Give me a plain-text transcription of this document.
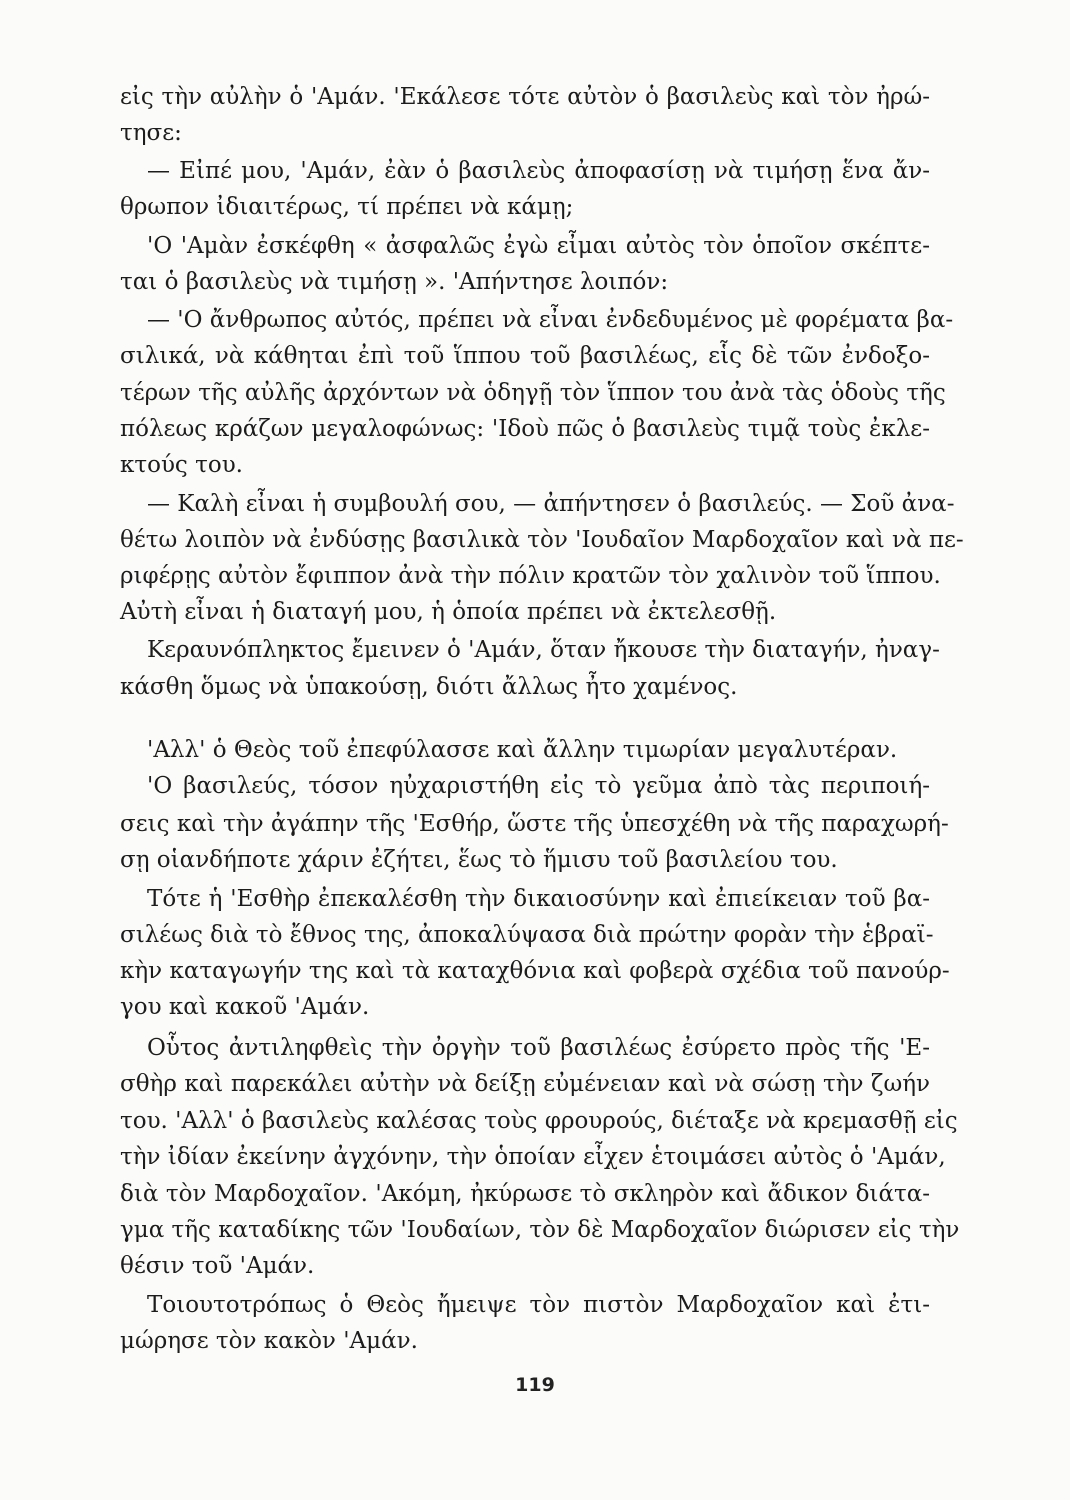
εἰς τὴν αὐλὴν ὁ 'Αμάν. 'Εκάλεσε τότε αὐτὸν ὁ βασιλεὺς καὶ τὸν ἠρώ-
τησε:
— Εἰπέ μου, 'Αμάν, ἐὰν ὁ βασιλεὺς ἀποφασίσῃ νὰ τιμήσῃ ἕνα ἄν-
θρωπον ἰδιαιτέρως, τί πρέπει νὰ κάμῃ;
'Ο 'Αμὰν ἐσκέφθη « ἀσφαλῶς ἐγὼ εἶμαι αὐτὸς τὸν ὁποῖον σκέπτε-
ται ὁ βασιλεὺς νὰ τιμήσῃ ». 'Απήντησε λοιπόν:
— 'Ο ἄνθρωπος αὐτός, πρέπει νὰ εἶναι ἐνδεδυμένος μὲ φορέματα βα-
σιλικά, νὰ κάθηται ἐπὶ τοῦ ἵππου τοῦ βασιλέως, εἷς δὲ τῶν ἐνδοξο-
τέρων τῆς αὐλῆς ἀρχόντων νὰ ὁδηγῇ τὸν ἵππον του ἀνὰ τὰς ὁδοὺς τῆς
πόλεως κράζων μεγαλοφώνως: 'Ιδοὺ πῶς ὁ βασιλεὺς τιμᾷ τοὺς ἐκλε-
κτούς του.
— Καλὴ εἶναι ἡ συμβουλή σου, — ἀπήντησεν ὁ βασιλεύς. — Σοῦ ἀνα-
θέτω λοιπὸν νὰ ἐνδύσῃς βασιλικὰ τὸν 'Ιουδαῖον Μαρδοχαῖον καὶ νὰ πε-
ριφέρῃς αὐτὸν ἔφιππον ἀνὰ τὴν πόλιν κρατῶν τὸν χαλινὸν τοῦ ἵππου.
Αὐτὴ εἶναι ἡ διαταγή μου, ἡ ὁποία πρέπει νὰ ἐκτελεσθῇ.
Κεραυνόπληκτος ἔμεινεν ὁ 'Αμάν, ὅταν ἤκουσε τὴν διαταγήν, ἠναγ-
κάσθη ὅμως νὰ ὑπακούσῃ, διότι ἄλλως ἦτο χαμένος.
'Αλλ' ὁ Θεὸς τοῦ ἐπεφύλασσε καὶ ἄλλην τιμωρίαν μεγαλυτέραν.
'Ο βασιλεύς, τόσον ηὐχαριστήθη εἰς τὸ γεῦμα ἀπὸ τὰς περιποιή-
σεις καὶ τὴν ἀγάπην τῆς 'Εσθήρ, ὥστε τῆς ὑπεσχέθη νὰ τῆς παραχωρή-
σῃ οἱανδήποτε χάριν ἐζήτει, ἕως τὸ ἥμισυ τοῦ βασιλείου του.
Τότε ἡ 'Εσθὴρ ἐπεκαλέσθη τὴν δικαιοσύνην καὶ ἐπιείκειαν τοῦ βα-
σιλέως διὰ τὸ ἔθνος της, ἀποκαλύψασα διὰ πρώτην φορὰν τὴν ἑβραϊ-
κὴν καταγωγήν της καὶ τὰ καταχθόνια καὶ φοβερὰ σχέδια τοῦ πανούρ-
γου καὶ κακοῦ 'Αμάν.
Οὗτος ἀντιληφθεὶς τὴν ὀργὴν τοῦ βασιλέως ἐσύρετο πρὸς τῆς 'Ε-
σθὴρ καὶ παρεκάλει αὐτὴν νὰ δείξῃ εὐμένειαν καὶ νὰ σώσῃ τὴν ζωήν
του. 'Αλλ' ὁ βασιλεὺς καλέσας τοὺς φρουρούς, διέταξε νὰ κρεμασθῇ εἰς
τὴν ἰδίαν ἐκείνην ἀγχόνην, τὴν ὁποίαν εἶχεν ἑτοιμάσει αὐτὸς ὁ 'Αμάν,
διὰ τὸν Μαρδοχαῖον. 'Ακόμη, ἠκύρωσε τὸ σκληρὸν καὶ ἄδικον διάτα-
γμα τῆς καταδίκης τῶν 'Ιουδαίων, τὸν δὲ Μαρδοχαῖον διώρισεν εἰς τὴν
θέσιν τοῦ 'Αμάν.
Τοιουτοτρόπως ὁ Θεὸς ἤμειψε τὸν πιστὸν Μαρδοχαῖον καὶ ἐτι-
μώρησε τὸν κακὸν 'Αμάν.
119
